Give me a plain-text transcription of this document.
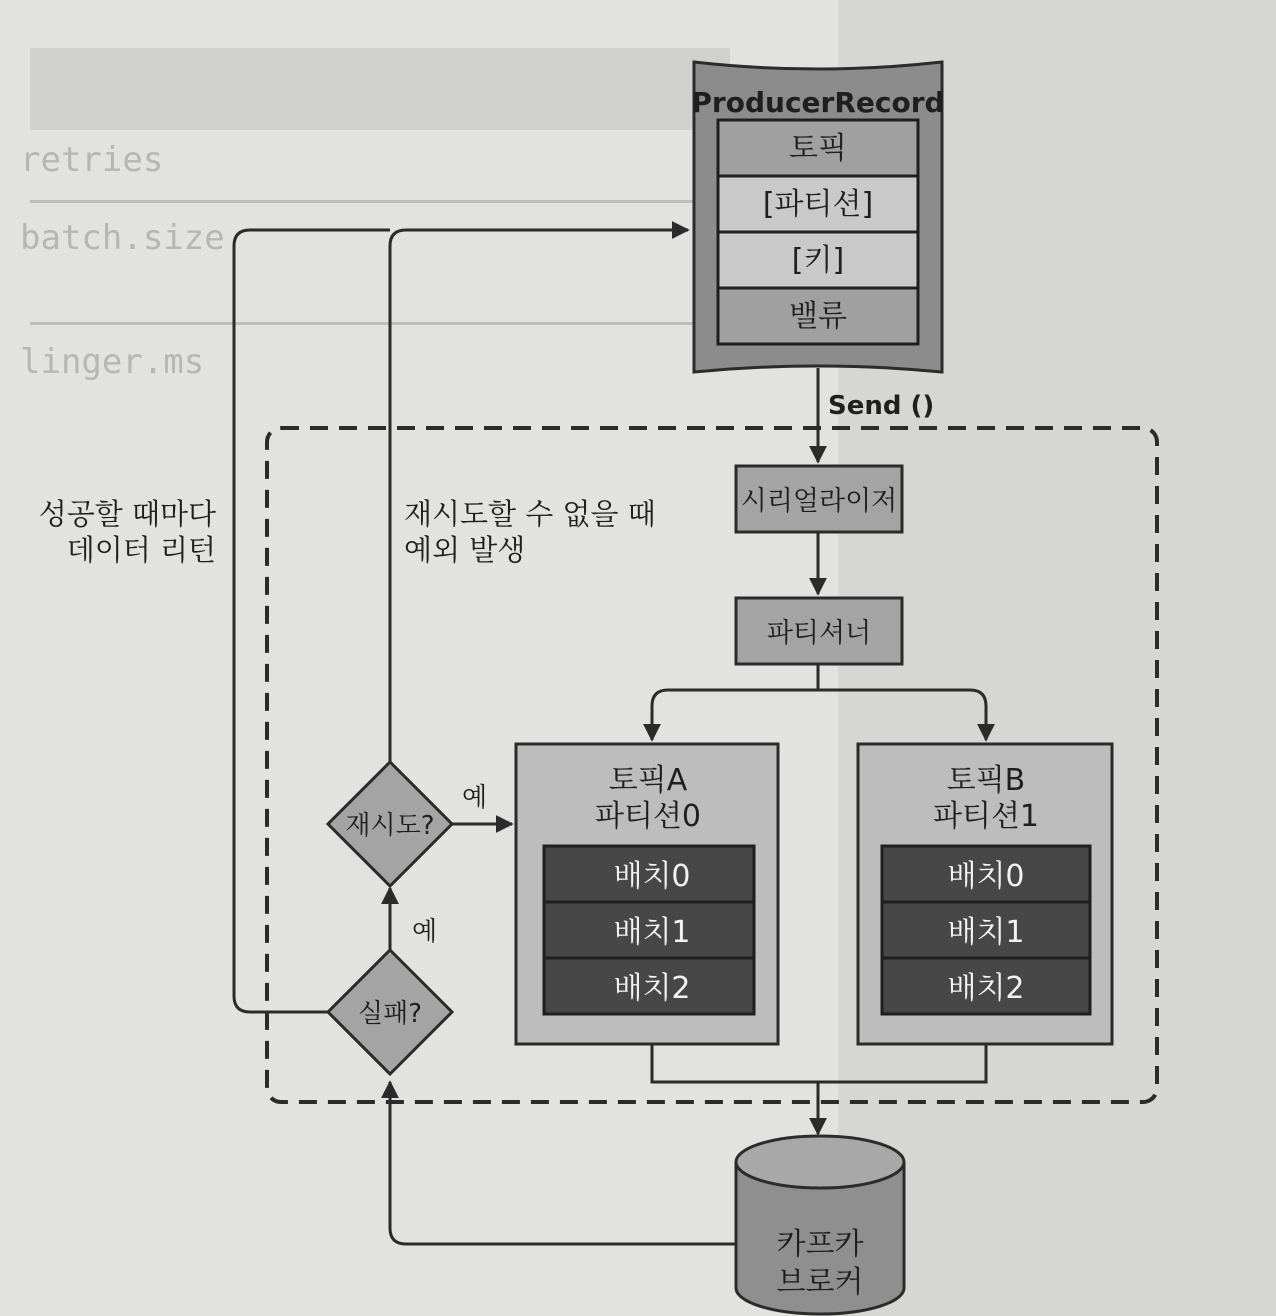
retries
batch.size
linger.ms
ProducerRecord
토픽
[파티션]
[키]
밸류
Send ()
시리얼라이저
파티셔너
토픽A
파티션0
배치0
배치1
배치2
토픽B
파티션1
배치0
배치1
배치2
카프카
브로커
실패?
예
재시도?
예
성공할 때마다
데이터 리턴
재시도할 수 없을 때
예외 발생
